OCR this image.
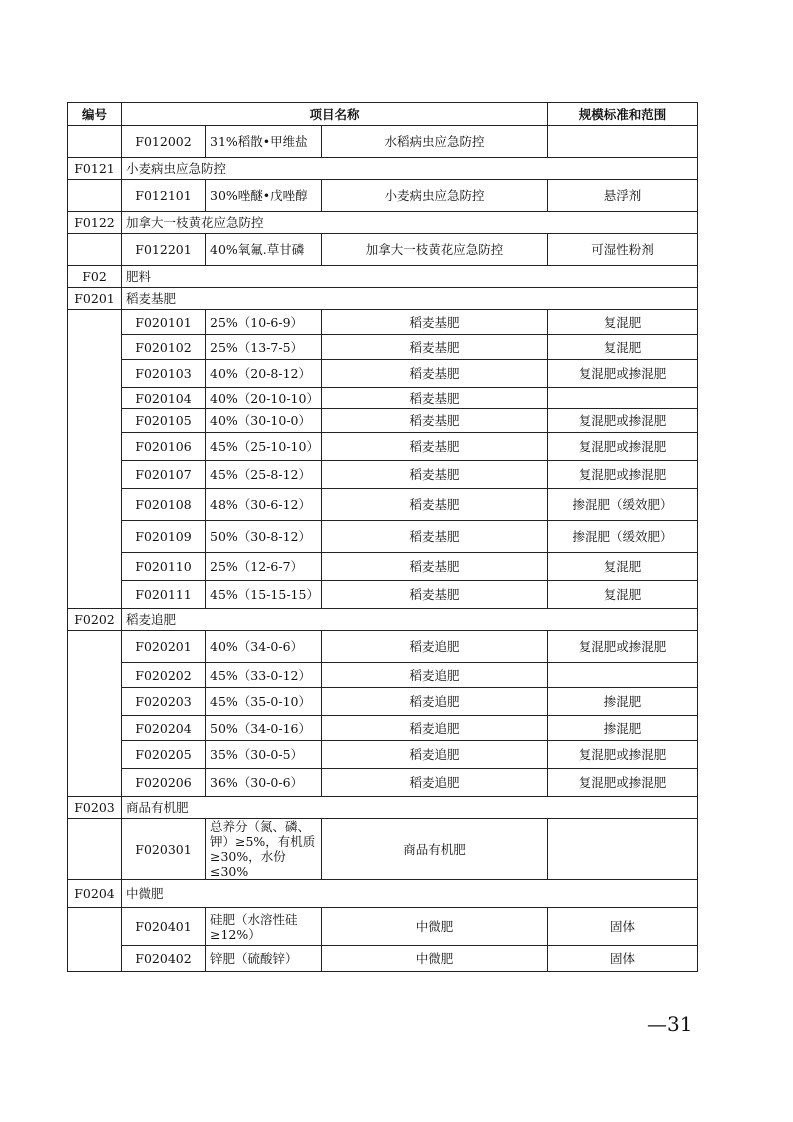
编号	项目名称			规模标准和范围
	F012002	31%稻散•甲维盐	水稻病虫应急防控	
F0121	小麦病虫应急防控			
	F012101	30%唑醚•戊唑醇	小麦病虫应急防控	悬浮剂
F0122	加拿大一枝黄花应急防控			
	F012201	40%氧氟.草甘磷	加拿大一枝黄花应急防控	可湿性粉剂
F02	肥料			
F0201	稻麦基肥			
	F020101	25%（10-6-9）	稻麦基肥	复混肥
	F020102	25%（13-7-5）	稻麦基肥	复混肥
	F020103	40%（20-8-12）	稻麦基肥	复混肥或掺混肥
	F020104	40%（20-10-10）	稻麦基肥	
	F020105	40%（30-10-0）	稻麦基肥	复混肥或掺混肥
	F020106	45%（25-10-10）	稻麦基肥	复混肥或掺混肥
	F020107	45%（25-8-12）	稻麦基肥	复混肥或掺混肥
	F020108	48%（30-6-12）	稻麦基肥	掺混肥（缓效肥）
	F020109	50%（30-8-12）	稻麦基肥	掺混肥（缓效肥）
	F020110	25%（12-6-7）	稻麦基肥	复混肥
	F020111	45%（15-15-15）	稻麦基肥	复混肥
F0202	稻麦追肥			
	F020201	40%（34-0-6）	稻麦追肥	复混肥或掺混肥
	F020202	45%（33-0-12）	稻麦追肥	
	F020203	45%（35-0-10）	稻麦追肥	掺混肥
	F020204	50%（34-0-16）	稻麦追肥	掺混肥
	F020205	35%（30-0-5）	稻麦追肥	复混肥或掺混肥
	F020206	36%（30-0-6）	稻麦追肥	复混肥或掺混肥
F0203	商品有机肥			
	F020301	总养分（氮、磷、钾）≥5%，有机质≥30%，水份≤30%	商品有机肥	
F0204	中微肥			
	F020401	硅肥（水溶性硅≥12%）	中微肥	固体
	F020402	锌肥（硫酸锌）	中微肥	固体
—31
